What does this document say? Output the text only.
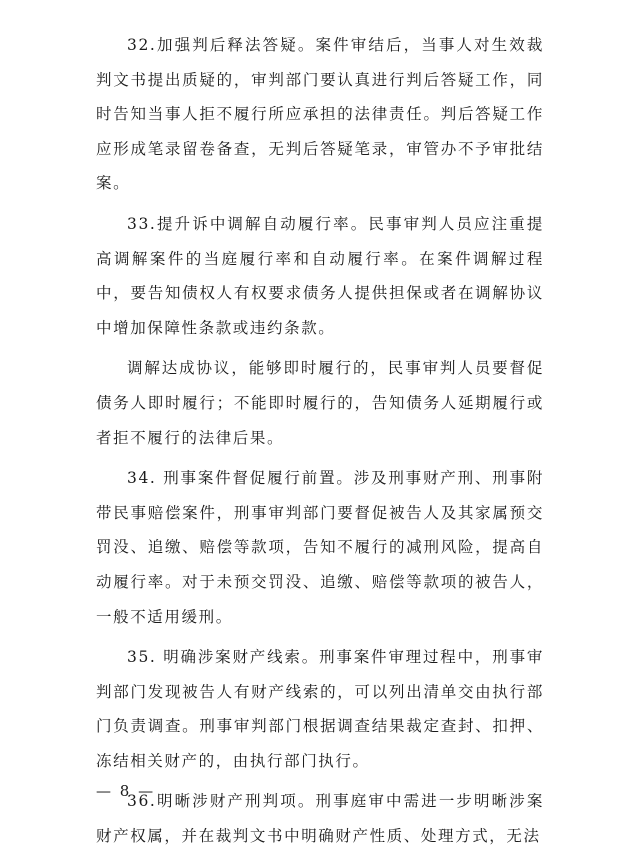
32.加强判后释法答疑。案件审结后，当事人对生效裁判文书提出质疑的，审判部门要认真进行判后答疑工作，同时告知当事人拒不履行所应承担的法律责任。判后答疑工作应形成笔录留卷备查，无判后答疑笔录，审管办不予审批结案。

33.提升诉中调解自动履行率。民事审判人员应注重提高调解案件的当庭履行率和自动履行率。在案件调解过程中，要告知债权人有权要求债务人提供担保或者在调解协议中增加保障性条款或违约条款。

调解达成协议，能够即时履行的，民事审判人员要督促债务人即时履行；不能即时履行的，告知债务人延期履行或者拒不履行的法律后果。

34. 刑事案件督促履行前置。涉及刑事财产刑、刑事附带民事赔偿案件，刑事审判部门要督促被告人及其家属预交罚没、追缴、赔偿等款项，告知不履行的减刑风险，提高自动履行率。对于未预交罚没、追缴、赔偿等款项的被告人，一般不适用缓刑。

35. 明确涉案财产线索。刑事案件审理过程中，刑事审判部门发现被告人有财产线索的，可以列出清单交由执行部门负责调查。刑事审判部门根据调查结果裁定查封、扣押、冻结相关财产的，由执行部门执行。

36.明晰涉财产刑判项。刑事庭审中需进一步明晰涉案财产权属，并在裁判文书中明确财产性质、处理方式，无法

— 8 —
